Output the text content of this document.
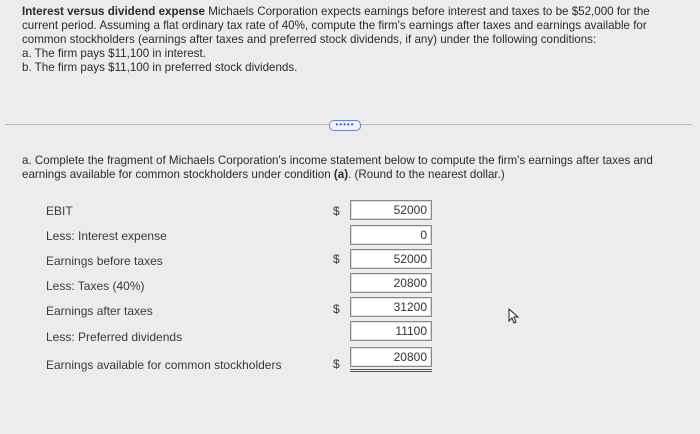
Interest versus dividend expense Michaels Corporation expects earnings before interest and taxes to be $52,000 for the current period. Assuming a flat ordinary tax rate of 40%, compute the firm's earnings after taxes and earnings available for common stockholders (earnings after taxes and preferred stock dividends, if any) under the following conditions:
a. The firm pays $11,100 in interest.
b. The firm pays $11,100 in preferred stock dividends.
•••••
a. Complete the fragment of Michaels Corporation's income statement below to compute the firm's earnings after taxes and earnings available for common stockholders under condition (a). (Round to the nearest dollar.)
EBIT	$	52000
Less: Interest expense	0
Earnings before taxes	$	52000
Less: Taxes (40%)	20800
Earnings after taxes	$	31200
Less: Preferred dividends	11100
Earnings available for common stockholders	$	20800
